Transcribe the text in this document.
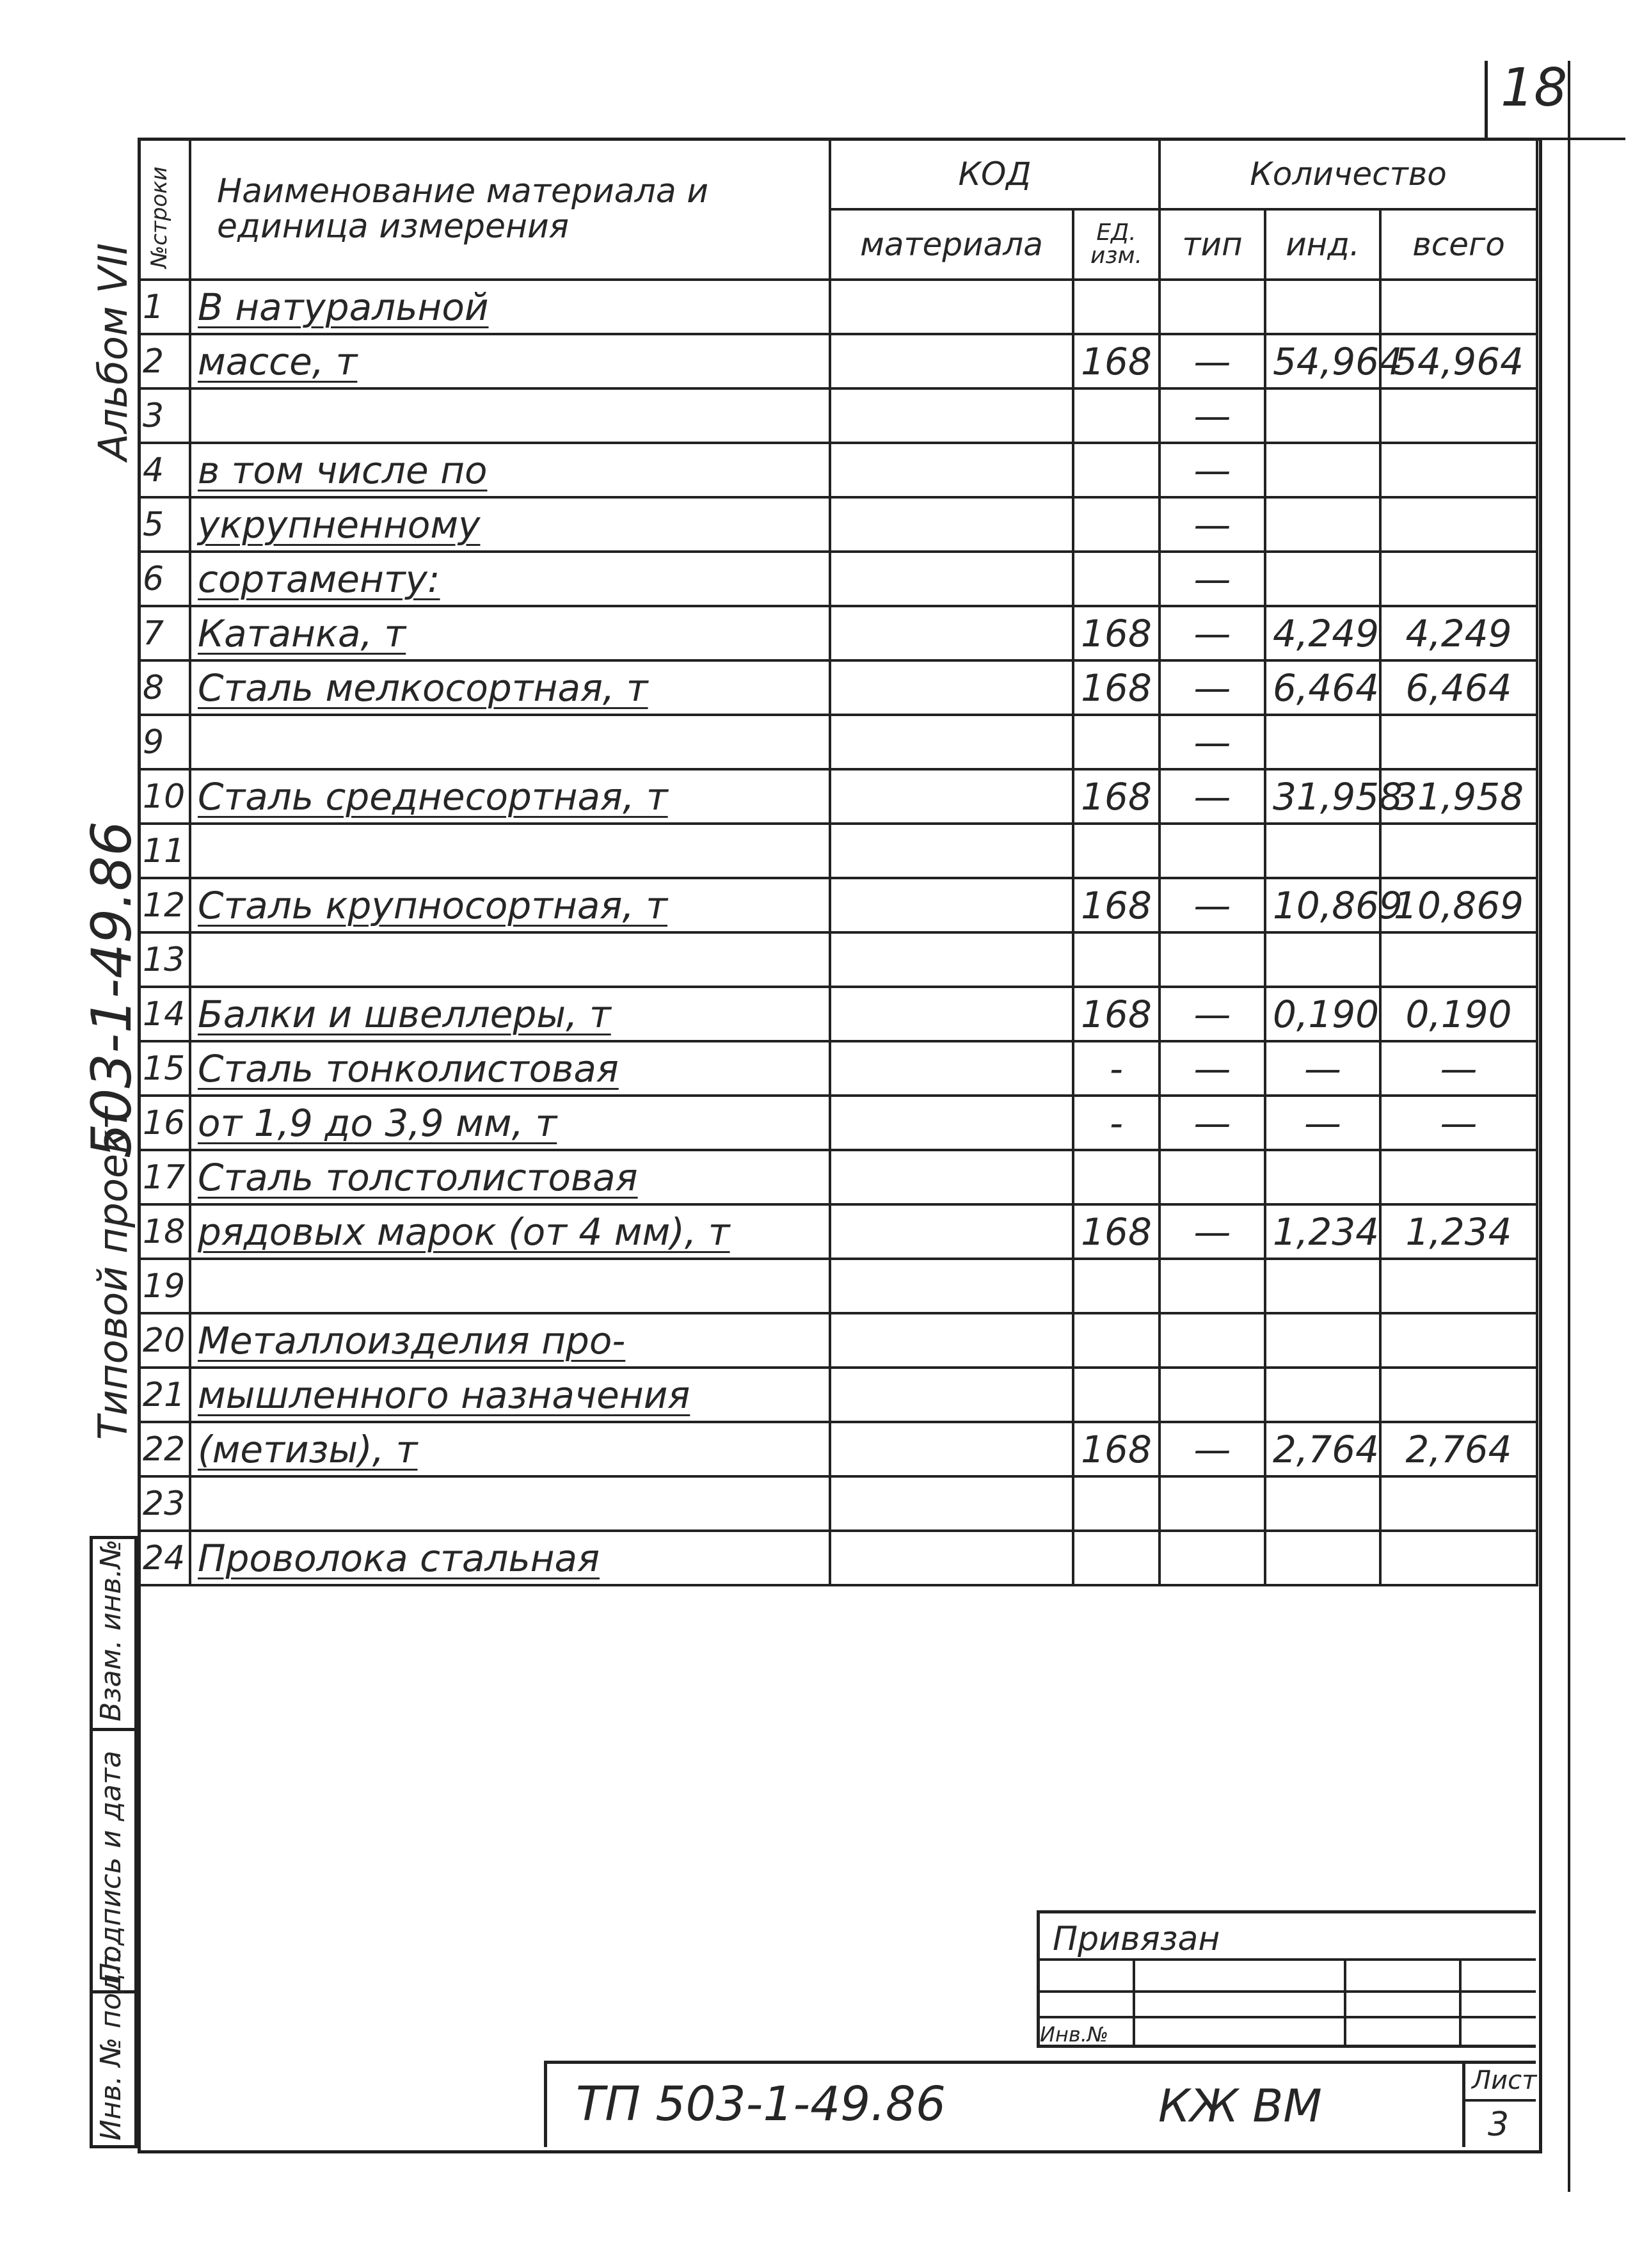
18
Альбом VII
Типовой проект
503-1-49.86
Взам. инв.№
Подпись и дата
Инв. № подл.
№строки	Наименование материала и единица измерения	КОД		Количество		
		материала	ЕД. изм.	тип	инд.	всего
1	В натуральной					
2	массе, т		168	—	54,964	54,964
3				—		
4	в том числе по			—		
5	укрупненному			—		
6	сортаменту:			—		
7	Катанка, т		168	—	4,249	4,249
8	Сталь мелкосортная, т		168	—	6,464	6,464
9				—		
10	Сталь среднесортная, т		168	—	31,958	31,958
11						
12	Сталь крупносортная, т		168	—	10,869	10,869
13						
14	Балки и швеллеры, т		168	—	0,190	0,190
15	Сталь тонколистовая		-	—	—	—
16	от 1,9 до 3,9 мм, т		-	—	—	—
17	Сталь толстолистовая					
18	рядовых марок (от 4 мм), т		168	—	1,234	1,234
19						
20	Металлоизделия про-					
21	мышленного назначения					
22	(метизы), т		168	—	2,764	2,764
23						
24	Проволока стальная					
Привязан
Инв.№
ТП 503-1-49.86	КЖ ВМ	Лист
3
